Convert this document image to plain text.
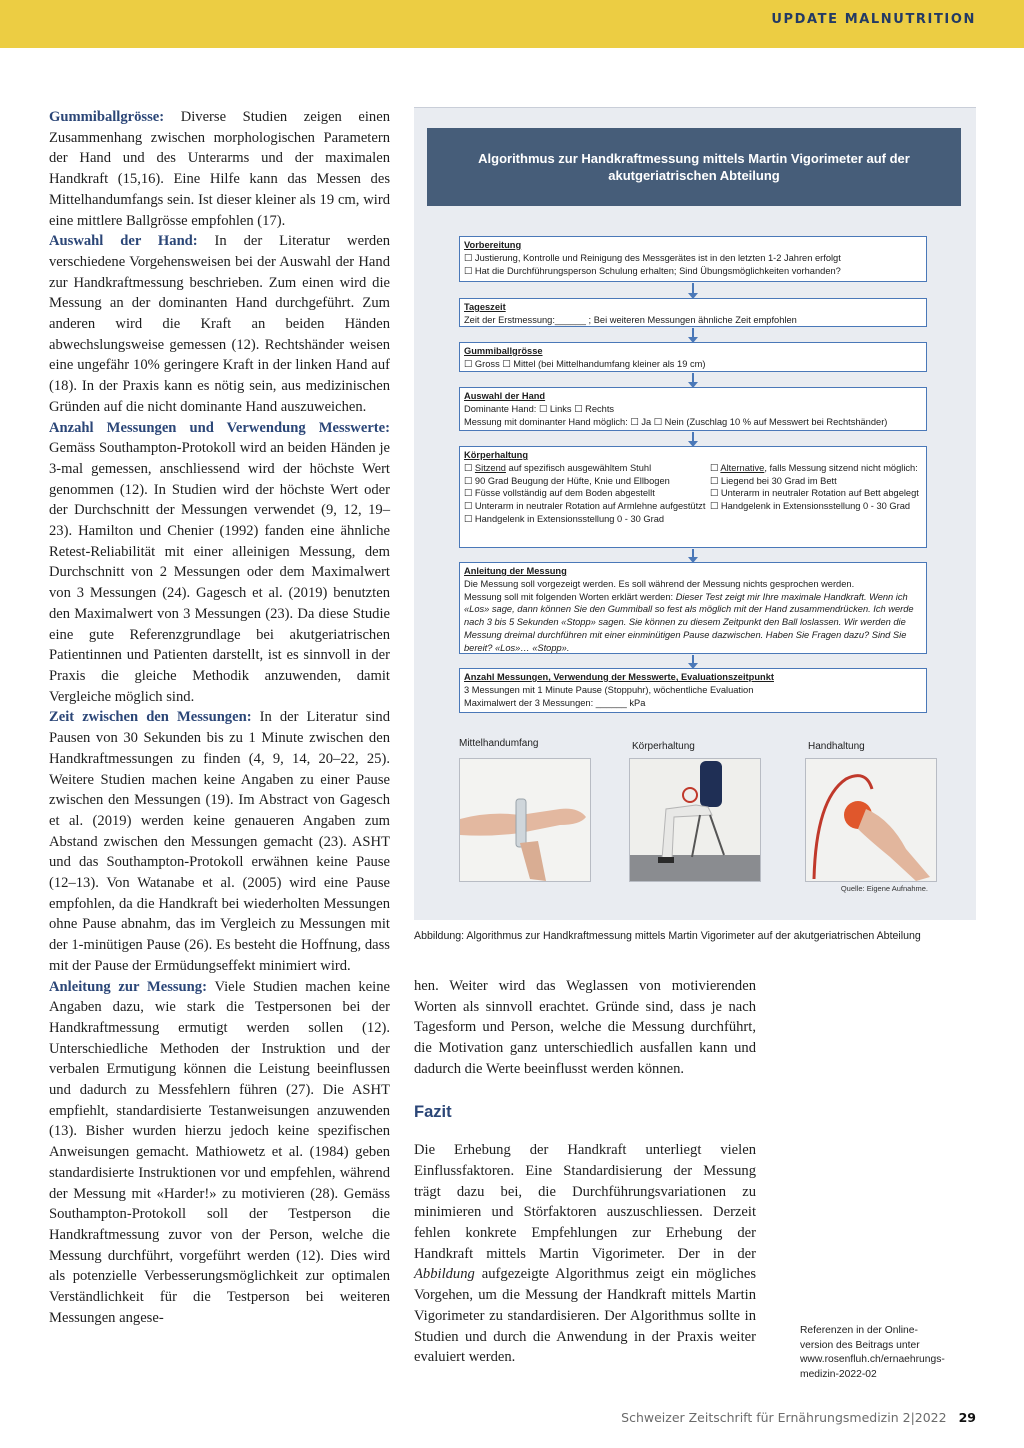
UPDATE MALNUTRITION

Gummiballgrösse: Diverse Studien zeigen einen Zusammenhang zwischen morphologischen Parametern der Hand und des Unterarms und der maximalen Handkraft (15,16). Eine Hilfe kann das Messen des Mittelhandumfangs sein. Ist dieser kleiner als 19 cm, wird eine mittlere Ballgrösse empfohlen (17).

Auswahl der Hand: In der Literatur werden verschiedene Vorgehensweisen bei der Auswahl der Hand zur Handkraftmessung beschrieben. Zum einen wird die Messung an der dominanten Hand durchgeführt. Zum anderen wird die Kraft an beiden Händen abwechslungsweise gemessen (12). Rechtshänder weisen eine ungefähr 10% geringere Kraft in der linken Hand auf (18). In der Praxis kann es nötig sein, aus medizinischen Gründen auf die nicht dominante Hand auszuweichen.

Anzahl Messungen und Verwendung Messwerte: Gemäss Southampton-Protokoll wird an beiden Händen je 3-mal gemessen, anschliessend wird der höchste Wert genommen (12). In Studien wird der höchste Wert oder der Durchschnitt der Messungen verwendet (9, 12, 19–23). Hamilton und Chenier (1992) fanden eine ähnliche Retest-Reliabilität mit einer alleinigen Messung, dem Durchschnitt von 2 Messungen oder dem Maximalwert von 3 Messungen (24). Gagesch et al. (2019) benutzten den Maximalwert von 3 Messungen (23). Da diese Studie eine gute Referenzgrundlage bei akutgeriatrischen Patientinnen und Patienten darstellt, ist es sinnvoll in der Praxis die gleiche Methodik anzuwenden, damit Vergleiche möglich sind.

Zeit zwischen den Messungen: In der Literatur sind Pausen von 30 Sekunden bis zu 1 Minute zwischen den Handkraftmessungen zu finden (4, 9, 14, 20–22, 25). Weitere Studien machen keine Angaben zu einer Pause zwischen den Messungen (19). Im Abstract von Gagesch et al. (2019) werden keine genaueren Angaben zum Abstand zwischen den Messungen gemacht (23). ASHT und das Southampton-Protokoll erwähnen keine Pause (12–13). Von Watanabe et al. (2005) wird eine Pause empfohlen, da die Handkraft bei wiederholten Messungen ohne Pause abnahm, das im Vergleich zu Messungen mit der 1-minütigen Pause (26). Es besteht die Hoffnung, dass mit der Pause der Ermüdungseffekt minimiert wird.

Anleitung zur Messung: Viele Studien machen keine Angaben dazu, wie stark die Testpersonen bei der Handkraftmessung ermutigt werden sollen (12). Unterschiedliche Methoden der Instruktion und der verbalen Ermutigung können die Leistung beeinflussen und dadurch zu Messfehlern führen (27). Die ASHT empfiehlt, standardisierte Testanweisungen anzuwenden (13). Bisher wurden hierzu jedoch keine spezifischen Anweisungen gemacht. Mathiowetz et al. (1984) geben standardisierte Instruktionen vor und empfehlen, während der Messung mit «Harder!» zu motivieren (28). Gemäss Southampton-Protokoll soll der Testperson die Handkraftmessung zuvor von der Person, welche die Messung durchführt, vorgeführt werden (12). Dies wird als potenzielle Verbesserungsmöglichkeit zur optimalen Verständlichkeit für die Testperson bei weiteren Messungen angese-

Algorithmus zur Handkraftmessung mittels Martin Vigorimeter auf der akutgeriatrischen Abteilung
Vorbereitung
☐ Justierung, Kontrolle und Reinigung des Messgerätes ist in den letzten 1-2 Jahren erfolgt
☐ Hat die Durchführungsperson Schulung erhalten; Sind Übungsmöglichkeiten vorhanden?
Tageszeit
Zeit der Erstmessung:______ ; Bei weiteren Messungen ähnliche Zeit empfohlen
Gummiballgrösse
☐ Gross ☐ Mittel (bei Mittelhandumfang kleiner als 19 cm)
Auswahl der Hand
Dominante Hand: ☐ Links ☐ Rechts
Messung mit dominanter Hand möglich: ☐ Ja ☐ Nein (Zuschlag 10 % auf Messwert bei Rechtshänder)
Körperhaltung
☐ Sitzend auf spezifisch ausgewähltem Stuhl
☐ 90 Grad Beugung der Hüfte, Knie und Ellbogen
☐ Füsse vollständig auf dem Boden abgestellt
☐ Unterarm in neutraler Rotation auf Armlehne aufgestützt
☐ Handgelenk in Extensionsstellung 0 - 30 Grad
☐ Alternative, falls Messung sitzend nicht möglich:
☐ Liegend bei 30 Grad im Bett
☐ Unterarm in neutraler Rotation auf Bett abgelegt
☐ Handgelenk in Extensionsstellung 0 - 30 Grad
Anleitung der Messung
Die Messung soll vorgezeigt werden. Es soll während der Messung nichts gesprochen werden.
Messung soll mit folgenden Worten erklärt werden: Dieser Test zeigt mir Ihre maximale Handkraft. Wenn ich «Los» sage, dann können Sie den Gummiball so fest als möglich mit der Hand zusammendrücken. Ich werde nach 3 bis 5 Sekunden «Stopp» sagen. Sie können zu diesem Zeitpunkt den Ball loslassen. Wir werden die Messung dreimal durchführen mit einer einminütigen Pause dazwischen. Haben Sie Fragen dazu? Sind Sie bereit? «Los»… «Stopp».
Anzahl Messungen, Verwendung der Messwerte, Evaluationszeitpunkt
3 Messungen mit 1 Minute Pause (Stoppuhr), wöchentliche Evaluation
Maximalwert der 3 Messungen: ______ kPa
Mittelhandumfang	Körperhaltung	Handhaltung
Quelle: Eigene Aufnahme.
Abbildung: Algorithmus zur Handkraftmessung mittels Martin Vigorimeter auf der akutgeriatrischen Abteilung

hen. Weiter wird das Weglassen von motivierenden Worten als sinnvoll erachtet. Gründe sind, dass je nach Tagesform und Person, welche die Messung durchführt, die Motivation ganz unterschiedlich ausfallen kann und dadurch die Werte beeinflusst werden können.

Fazit

Die Erhebung der Handkraft unterliegt vielen Einflussfaktoren. Eine Standardisierung der Messung trägt dazu bei, die Durchführungsvariationen zu minimieren und Störfaktoren auszuschliessen. Derzeit fehlen konkrete Empfehlungen zur Erhebung der Handkraft mittels Martin Vigorimeter. Der in der Abbildung aufgezeigte Algorithmus zeigt ein mögliches Vorgehen, um die Messung der Handkraft mittels Martin Vigorimeter zu standardisieren. Der Algorithmus sollte in Studien und durch die Anwendung in der Praxis weiter evaluiert werden.

Referenzen in der Online-
version des Beitrags unter
www.rosenfluh.ch/ernaehrungs-
medizin-2022-02
Schweizer Zeitschrift für Ernährungsmedizin 2|2022 29
